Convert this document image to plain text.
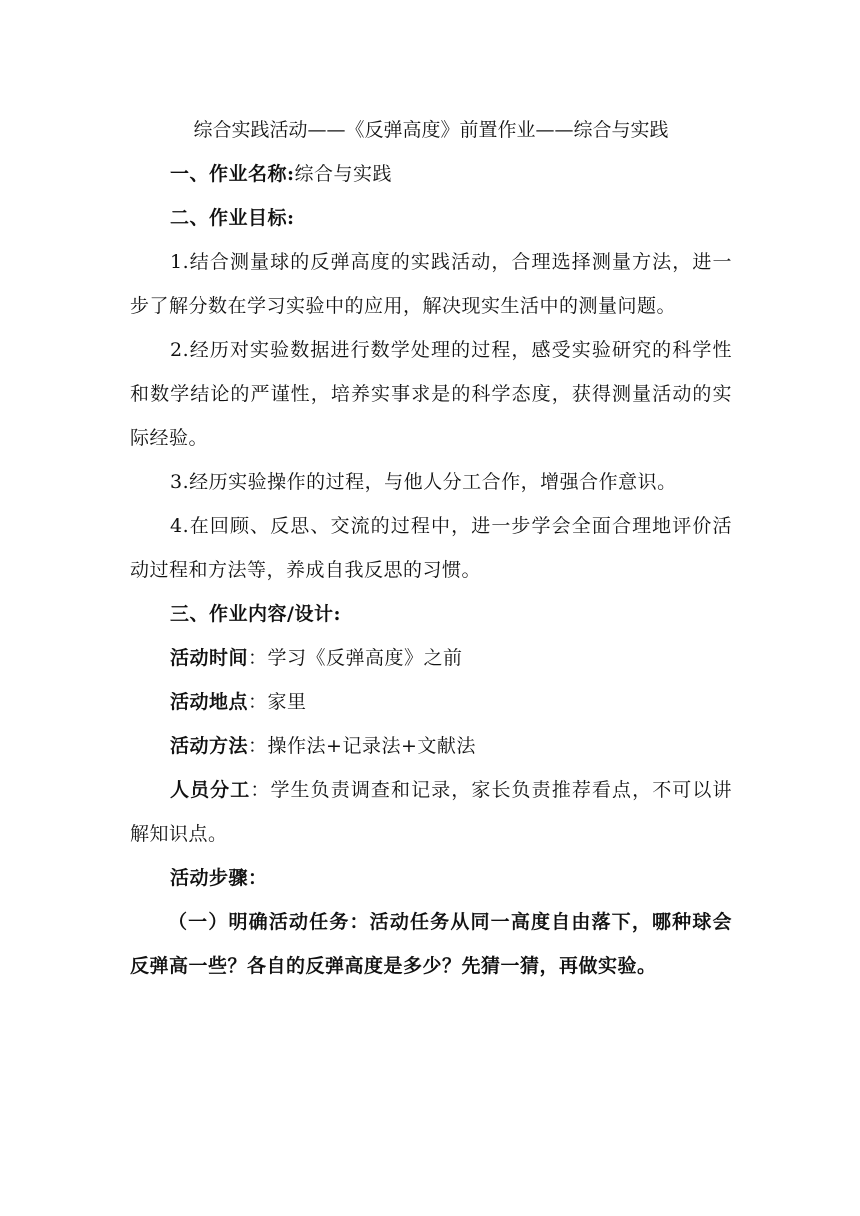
综合实践活动——《反弹高度》前置作业——综合与实践

一、作业名称:综合与实践

二、作业目标:

1.结合测量球的反弹高度的实践活动，合理选择测量方法，进一步了解分数在学习实验中的应用，解决现实生活中的测量问题。

2.经历对实验数据进行数学处理的过程，感受实验研究的科学性和数学结论的严谨性，培养实事求是的科学态度，获得测量活动的实际经验。

3.经历实验操作的过程，与他人分工合作，增强合作意识。

4.在回顾、反思、交流的过程中，进一步学会全面合理地评价活动过程和方法等，养成自我反思的习惯。

三、作业内容/设计:

活动时间：学习《反弹高度》之前

活动地点：家里

活动方法：操作法+记录法+文献法

人员分工：学生负责调查和记录，家长负责推荐看点，不可以讲解知识点。

活动步骤：

（一）明确活动任务：活动任务从同一高度自由落下，哪种球会反弹高一些？各自的反弹高度是多少？先猜一猜，再做实验。
